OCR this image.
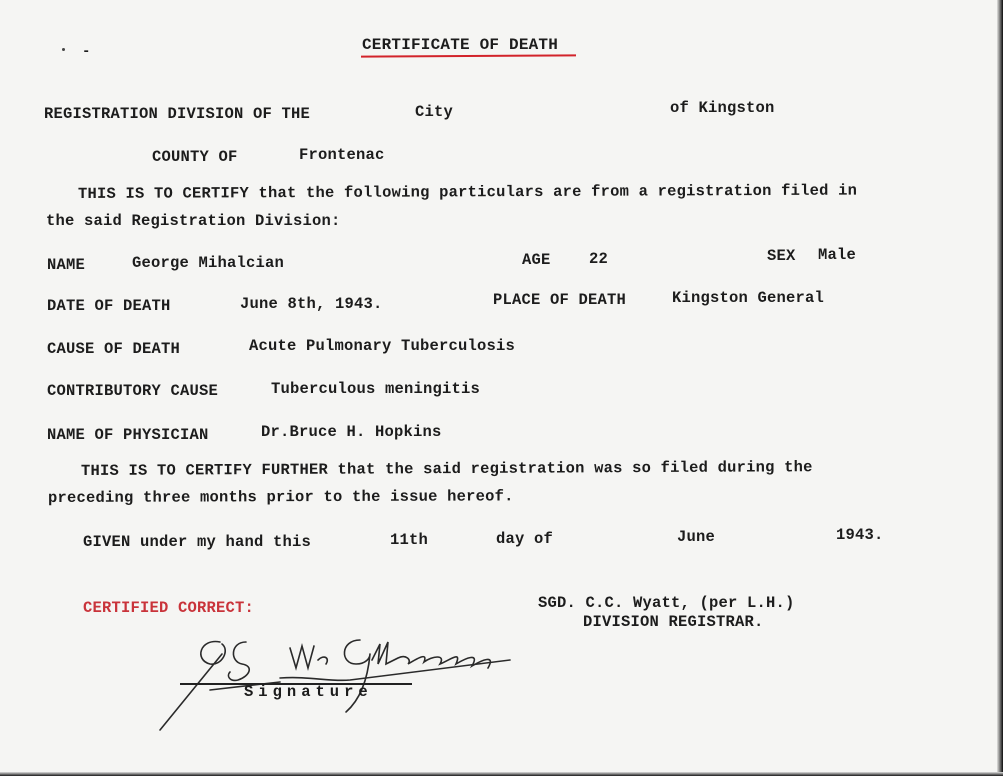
‐	CERTIFICATE OF DEATH
REGISTRATION DIVISION OF THE	City	of Kingston
COUNTY OF	Frontenac
THIS IS TO CERTIFY that the following particulars are from a registration filed in
the said Registration Division:
NAME	George Mihalcian	AGE 22	SEX Male
DATE OF DEATH	June 8th, 1943.	PLACE OF DEATH	Kingston General
CAUSE OF DEATH	Acute Pulmonary Tuberculosis
CONTRIBUTORY CAUSE	Tuberculous meningitis
NAME OF PHYSICIAN	Dr.Bruce H. Hopkins
THIS IS TO CERTIFY FURTHER that the said registration was so filed during the
preceding three months prior to the issue hereof.
GIVEN under my hand this	11th	day of	June	1943.
CERTIFIED CORRECT:	SGD. C.C. Wyatt, (per L.H.)
DIVISION REGISTRAR.
Signature
